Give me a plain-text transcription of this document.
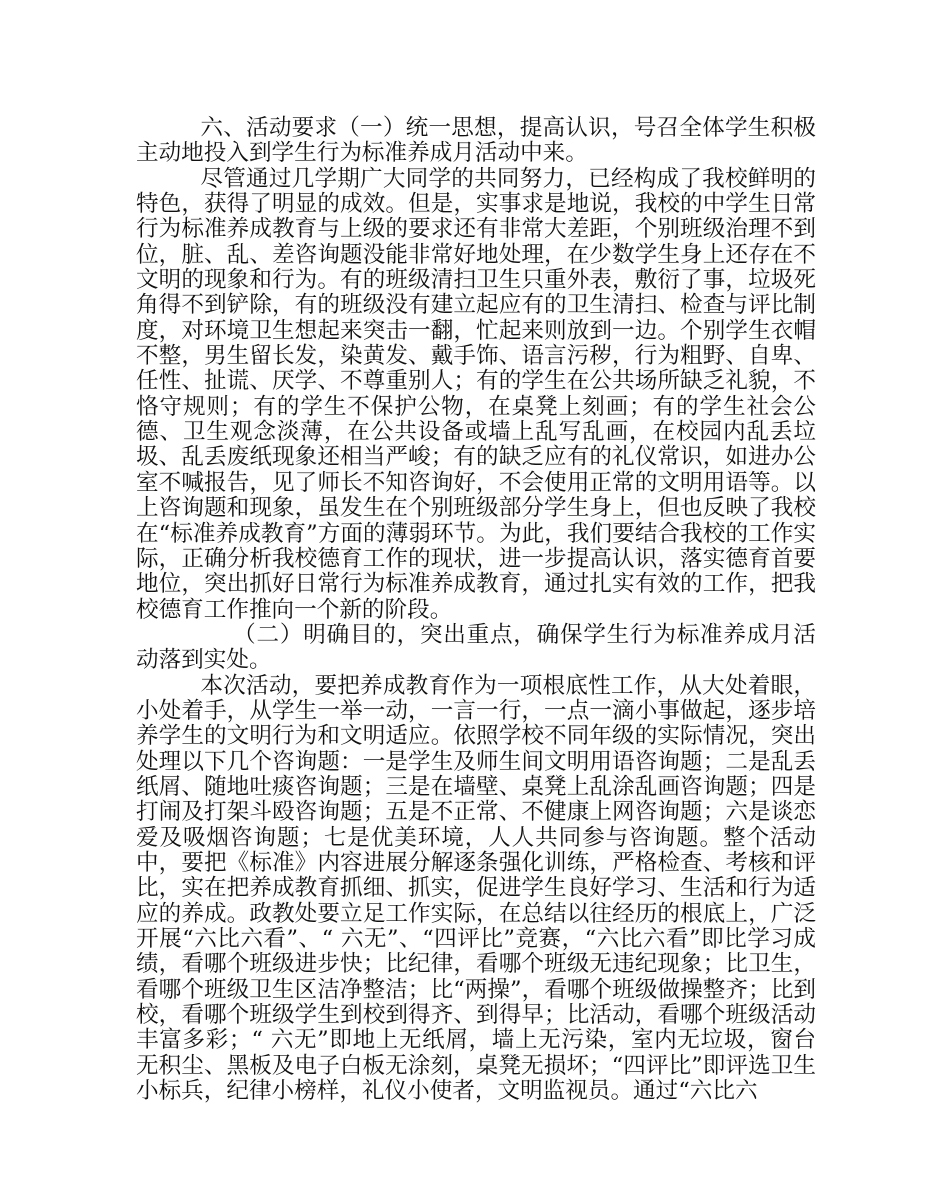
六、活动要求（一）统一思想，提高认识，号召全体学生积极主动地投入到学生行为标准养成月活动中来。

尽管通过几学期广大同学的共同努力，已经构成了我校鲜明的特色，获得了明显的成效。但是，实事求是地说，我校的中学生日常行为标准养成教育与上级的要求还有非常大差距，个别班级治理不到位，脏、乱、差咨询题没能非常好地处理，在少数学生身上还存在不文明的现象和行为。有的班级清扫卫生只重外表，敷衍了事，垃圾死角得不到铲除，有的班级没有建立起应有的卫生清扫、检查与评比制度，对环境卫生想起来突击一翻，忙起来则放到一边。个别学生衣帽不整，男生留长发，染黄发、戴手饰、语言污秽，行为粗野、自卑、任性、扯谎、厌学、不尊重别人；有的学生在公共场所缺乏礼貌，不恪守规则；有的学生不保护公物，在桌凳上刻画；有的学生社会公德、卫生观念淡薄，在公共设备或墙上乱写乱画，在校园内乱丢垃圾、乱丢废纸现象还相当严峻；有的缺乏应有的礼仪常识，如进办公室不喊报告，见了师长不知咨询好，不会使用正常的文明用语等。以上咨询题和现象，虽发生在个别班级部分学生身上，但也反映了我校在“标准养成教育”方面的薄弱环节。为此，我们要结合我校的工作实际，正确分析我校德育工作的现状，进一步提高认识，落实德育首要地位，突出抓好日常行为标准养成教育，通过扎实有效的工作，把我校德育工作推向一个新的阶段。

（二）明确目的，突出重点，确保学生行为标准养成月活动落到实处。

本次活动，要把养成教育作为一项根底性工作，从大处着眼，小处着手，从学生一举一动，一言一行，一点一滴小事做起，逐步培养学生的文明行为和文明适应。依照学校不同年级的实际情况，突出处理以下几个咨询题：一是学生及师生间文明用语咨询题；二是乱丢纸屑、随地吐痰咨询题；三是在墙壁、桌凳上乱涂乱画咨询题；四是打闹及打架斗殴咨询题；五是不正常、不健康上网咨询题；六是谈恋爱及吸烟咨询题；七是优美环境，人人共同参与咨询题。整个活动中，要把《标准》内容进展分解逐条强化训练，严格检查、考核和评比，实在把养成教育抓细、抓实，促进学生良好学习、生活和行为适应的养成。政教处要立足工作实际，在总结以往经历的根底上，广泛开展“六比六看”、“ 六无”、“四评比”竞赛，“六比六看”即比学习成绩，看哪个班级进步快；比纪律，看哪个班级无违纪现象；比卫生，看哪个班级卫生区洁净整洁；比“两操”，看哪个班级做操整齐；比到校，看哪个班级学生到校到得齐、到得早；比活动，看哪个班级活动丰富多彩；“ 六无”即地上无纸屑，墙上无污染，室内无垃圾，窗台无积尘、黑板及电子白板无涂刻，桌凳无损坏；“四评比”即评选卫生小标兵，纪律小榜样，礼仪小使者，文明监视员。通过“六比六
